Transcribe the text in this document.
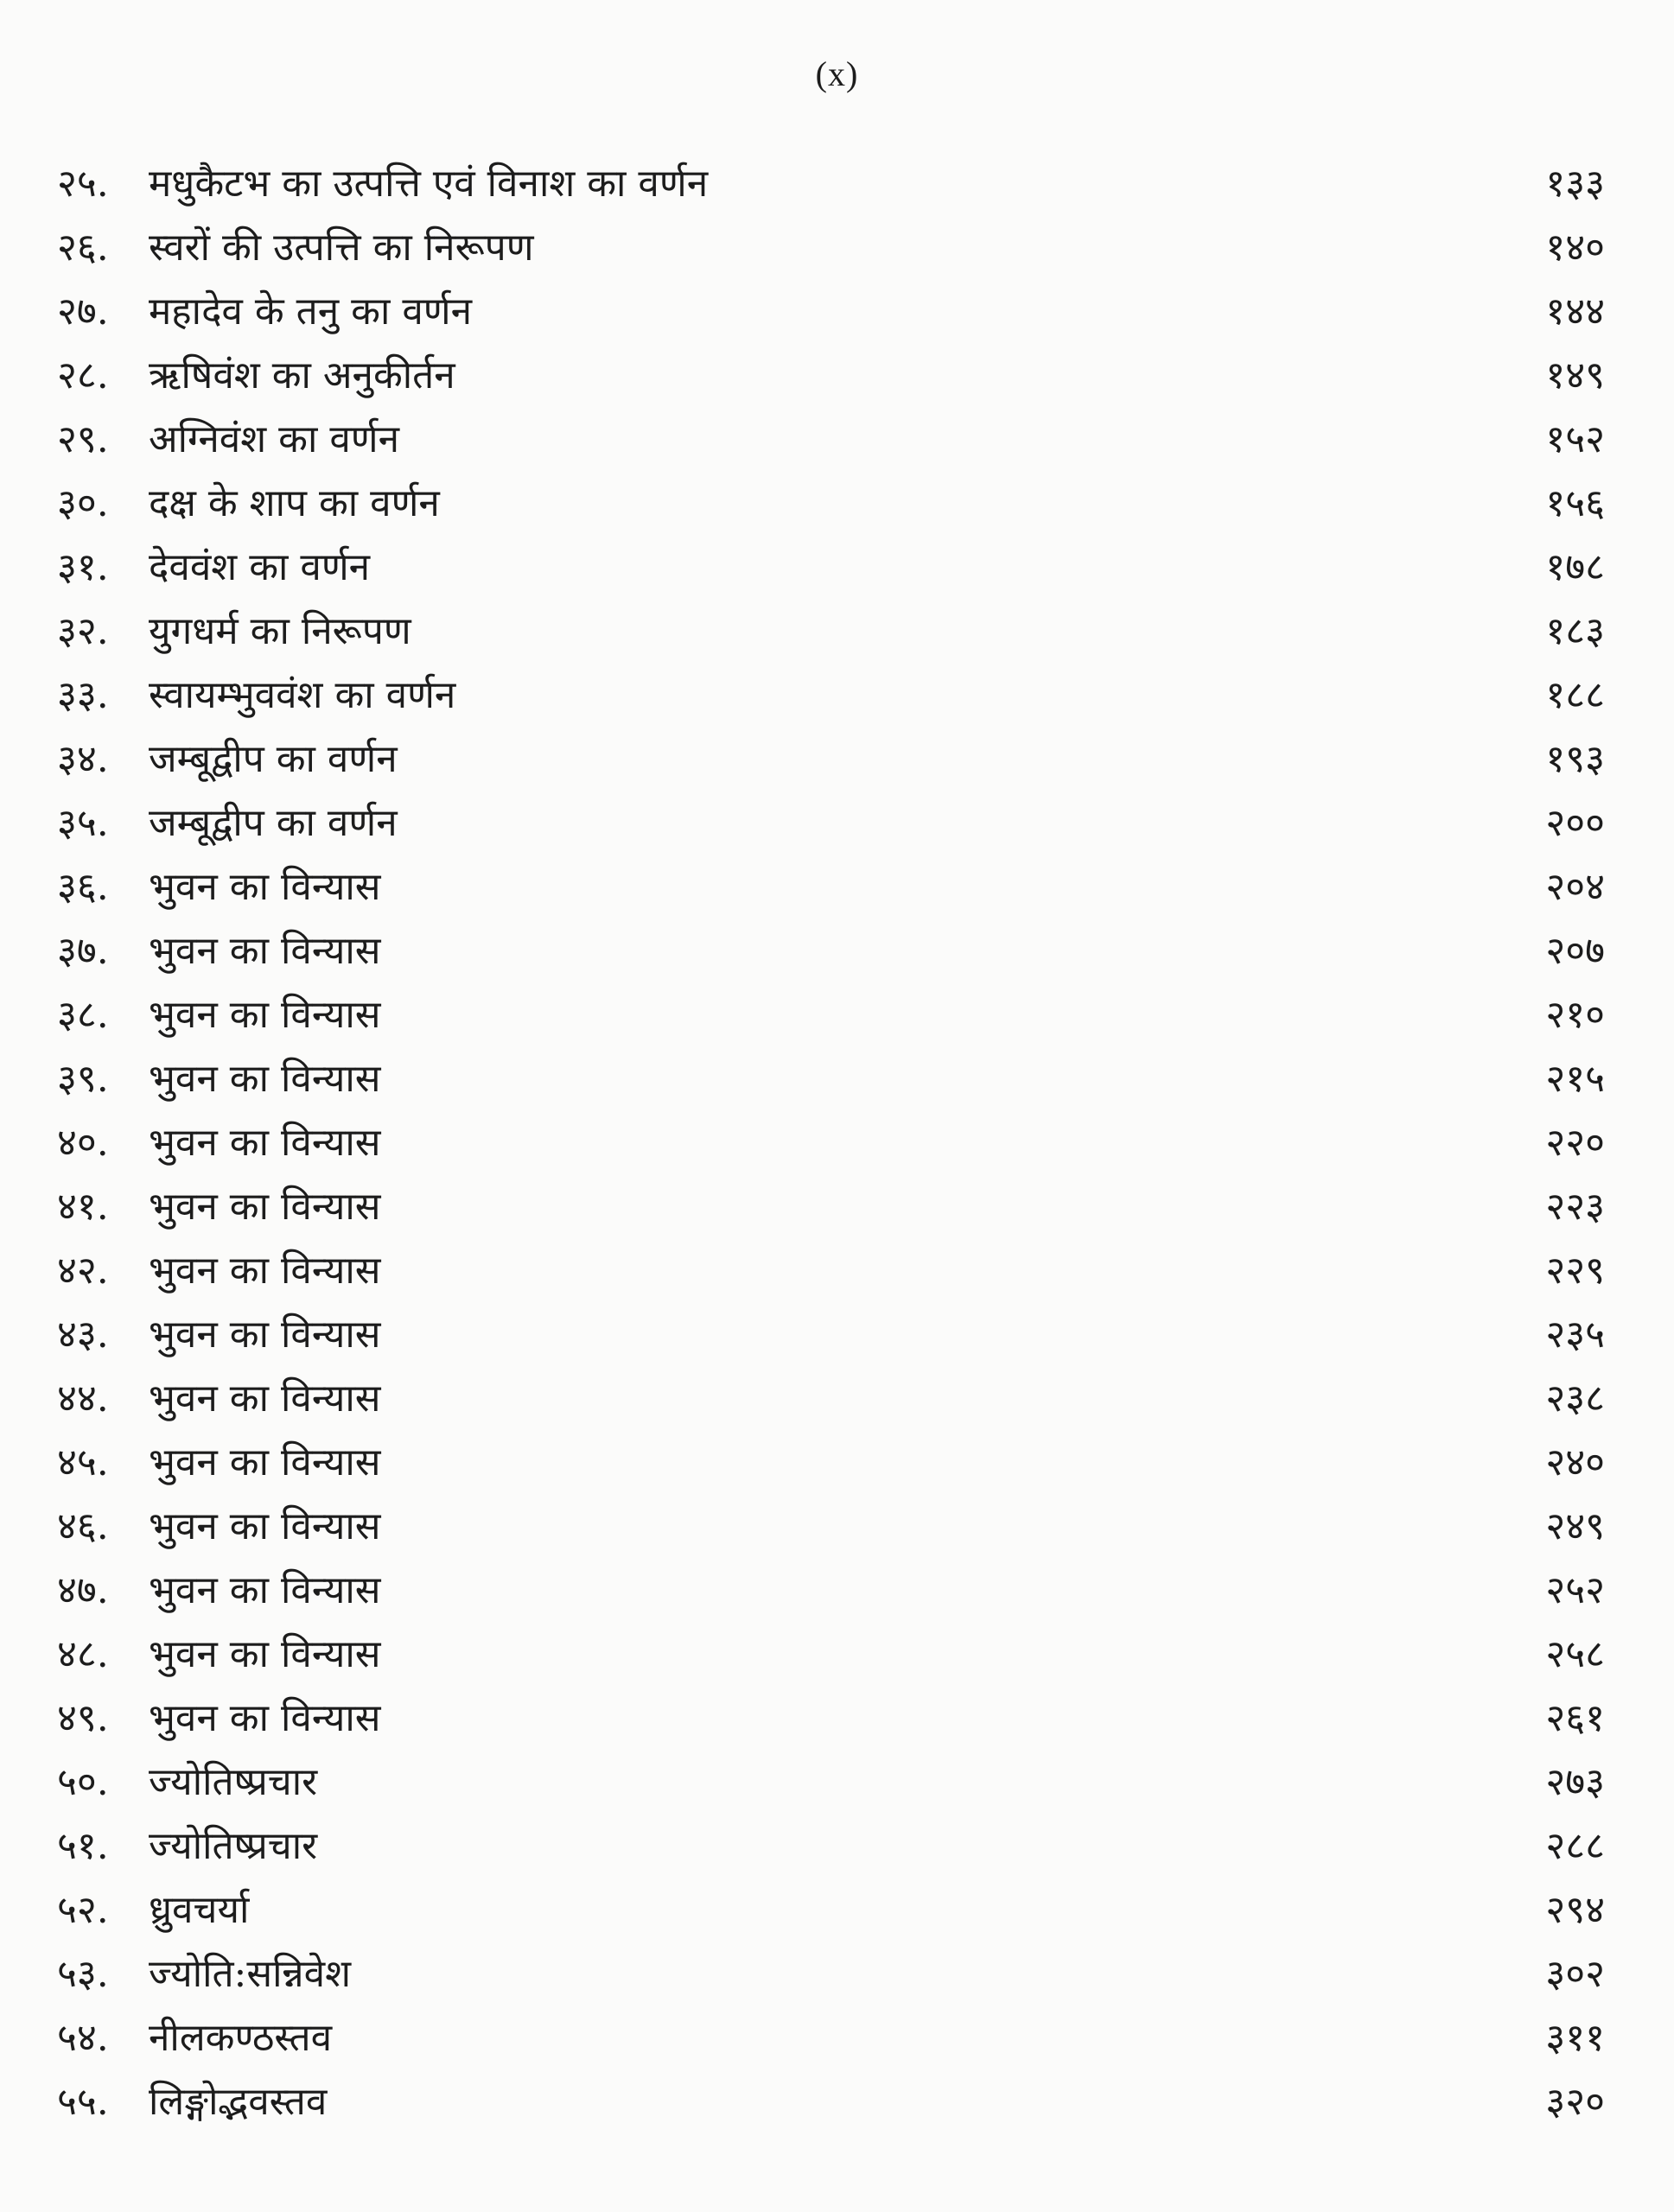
(x)
२५.	मधुकैटभ का उत्पत्ति एवं विनाश का वर्णन	१३३
२६.	स्वरों की उत्पत्ति का निरूपण	१४०
२७.	महादेव के तनु का वर्णन	१४४
२८.	ऋषिवंश का अनुकीर्तन	१४९
२९.	अग्निवंश का वर्णन	१५२
३०.	दक्ष के शाप का वर्णन	१५६
३१.	देववंश का वर्णन	१७८
३२.	युगधर्म का निरूपण	१८३
३३.	स्वायम्भुववंश का वर्णन	१८८
३४.	जम्बूद्वीप का वर्णन	१९३
३५.	जम्बूद्वीप का वर्णन	२००
३६.	भुवन का विन्यास	२०४
३७.	भुवन का विन्यास	२०७
३८.	भुवन का विन्यास	२१०
३९.	भुवन का विन्यास	२१५
४०.	भुवन का विन्यास	२२०
४१.	भुवन का विन्यास	२२३
४२.	भुवन का विन्यास	२२९
४३.	भुवन का विन्यास	२३५
४४.	भुवन का विन्यास	२३८
४५.	भुवन का विन्यास	२४०
४६.	भुवन का विन्यास	२४९
४७.	भुवन का विन्यास	२५२
४८.	भुवन का विन्यास	२५८
४९.	भुवन का विन्यास	२६१
५०.	ज्योतिष्प्रचार	२७३
५१.	ज्योतिष्प्रचार	२८८
५२.	ध्रुवचर्या	२९४
५३.	ज्योति:सन्निवेश	३०२
५४.	नीलकण्ठस्तव	३११
५५.	लिङ्गोद्भवस्तव	३२०
